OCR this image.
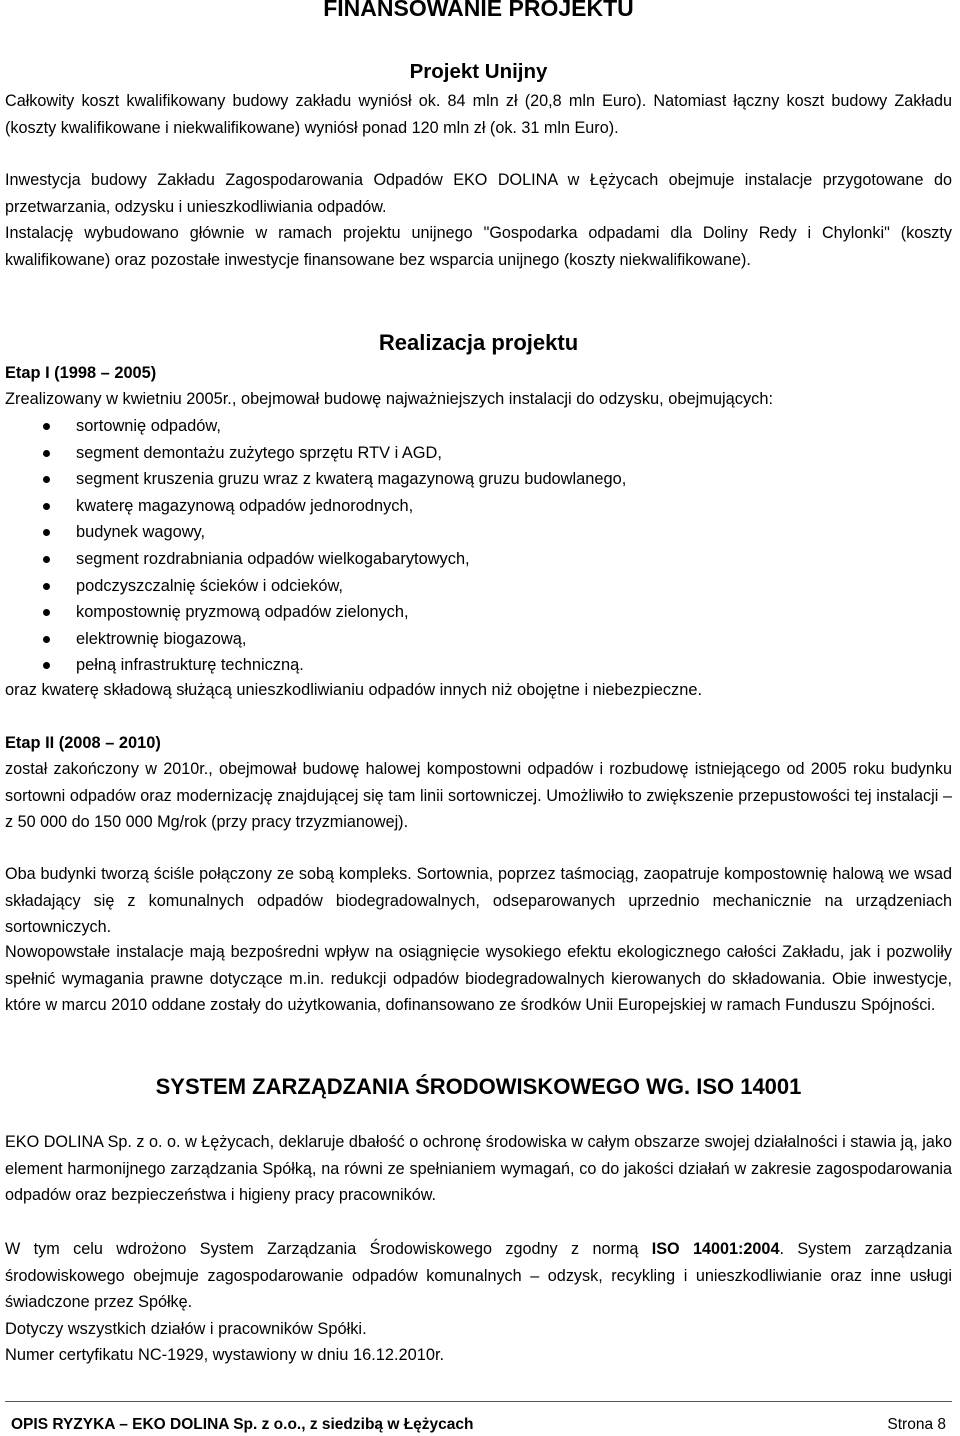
FINANSOWANIE PROJEKTU
Projekt Unijny

Całkowity koszt kwalifikowany budowy zakładu wyniósł ok. 84 mln zł (20,8 mln Euro). Natomiast łączny koszt budowy Zakładu (koszty kwalifikowane i niekwalifikowane) wyniósł ponad 120 mln zł (ok. 31 mln Euro).

Inwestycja budowy Zakładu Zagospodarowania Odpadów EKO DOLINA w Łężycach obejmuje instalacje przygotowane do przetwarzania, odzysku i unieszkodliwiania odpadów.

Instalację wybudowano głównie w ramach projektu unijnego "Gospodarka odpadami dla Doliny Redy i Chylonki" (koszty kwalifikowane) oraz pozostałe inwestycje finansowane bez wsparcia unijnego (koszty niekwalifikowane).

Realizacja projektu
Etap I (1998 – 2005)
Zrealizowany w kwietniu 2005r., obejmował budowę najważniejszych instalacji do odzysku, obejmujących:
sortownię odpadów,
segment demontażu zużytego sprzętu RTV i AGD,
segment kruszenia gruzu wraz z kwaterą magazynową gruzu budowlanego,
kwaterę magazynową odpadów jednorodnych,
budynek wagowy,
segment rozdrabniania odpadów wielkogabarytowych,
podczyszczalnię ścieków i odcieków,
kompostownię pryzmową odpadów zielonych,
elektrownię biogazową,
pełną infrastrukturę techniczną.
oraz kwaterę składową służącą unieszkodliwianiu odpadów innych niż obojętne i niebezpieczne.
Etap II (2008 – 2010)

został zakończony w 2010r., obejmował budowę halowej kompostowni odpadów i rozbudowę istniejącego od 2005 roku budynku sortowni odpadów oraz modernizację znajdującej się tam linii sortowniczej. Umożliwiło to zwiększenie przepustowości tej instalacji – z 50 000 do 150 000 Mg/rok (przy pracy trzyzmianowej).

Oba budynki tworzą ściśle połączony ze sobą kompleks. Sortownia, poprzez taśmociąg, zaopatruje kompostownię halową we wsad składający się z komunalnych odpadów biodegradowalnych, odseparowanych uprzednio mechanicznie na urządzeniach sortowniczych.

Nowopowstałe instalacje mają bezpośredni wpływ na osiągnięcie wysokiego efektu ekologicznego całości Zakładu, jak i pozwoliły spełnić wymagania prawne dotyczące m.in. redukcji odpadów biodegradowalnych kierowanych do składowania. Obie inwestycje, które w marcu 2010 oddane zostały do użytkowania, dofinansowano ze środków Unii Europejskiej w ramach Funduszu Spójności.

SYSTEM ZARZĄDZANIA ŚRODOWISKOWEGO WG. ISO 14001

EKO DOLINA Sp. z o. o. w Łężycach, deklaruje dbałość o ochronę środowiska w całym obszarze swojej działalności i stawia ją, jako element harmonijnego zarządzania Spółką, na równi ze spełnianiem wymagań, co do jakości działań w zakresie zagospodarowania odpadów oraz bezpieczeństwa i higieny pracy pracowników.

W tym celu wdrożono System Zarządzania Środowiskowego zgodny z normą ISO 14001:2004. System zarządzania środowiskowego obejmuje zagospodarowanie odpadów komunalnych – odzysk, recykling i unieszkodliwianie oraz inne usługi świadczone przez Spółkę.

Dotyczy wszystkich działów i pracowników Spółki.

Numer certyfikatu NC-1929, wystawiony w dniu 16.12.2010r.

OPIS RYZYKA – EKO DOLINA Sp. z o.o., z siedzibą w Łężycach	Strona 8
